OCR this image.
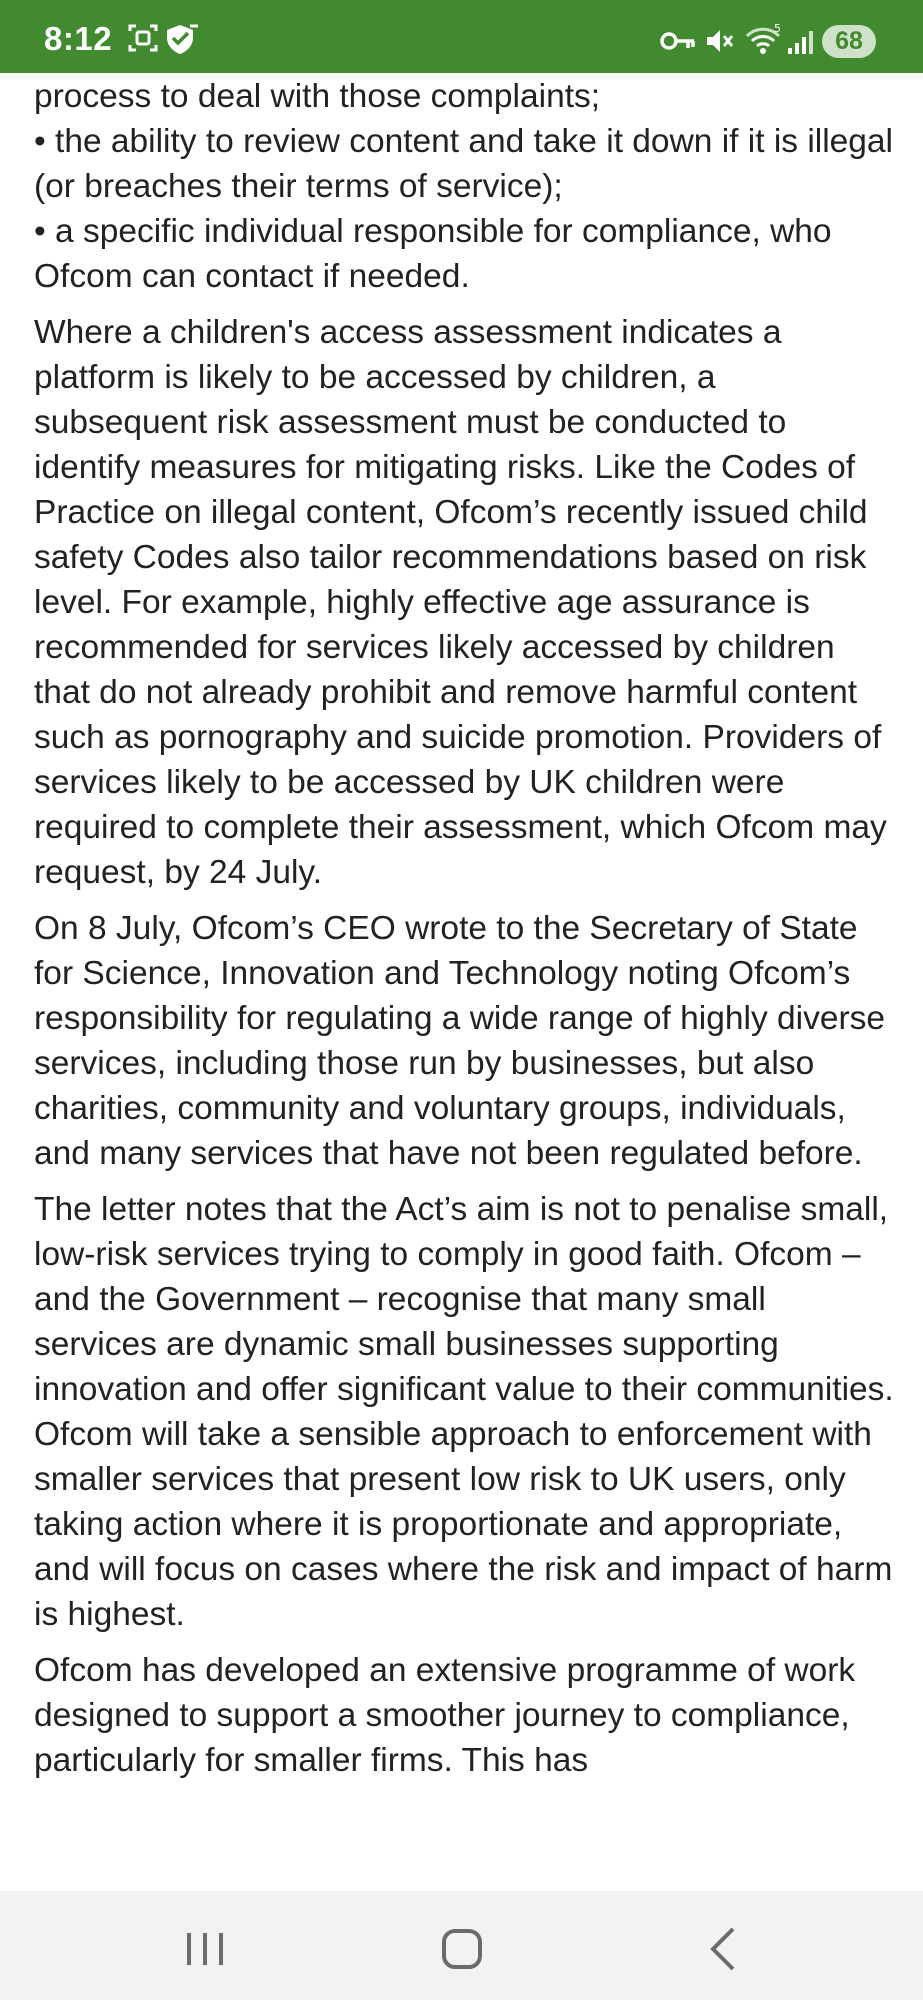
8:12	5	68

process to deal with those complaints;
• the ability to review content and take it down if it is illegal (or breaches their terms of service);
• a specific individual responsible for compliance, who Ofcom can contact if needed.

Where a children's access assessment indicates a platform is likely to be accessed by children, a subsequent risk assessment must be conducted to identify measures for mitigating risks. Like the Codes of Practice on illegal content, Ofcom’s recently issued child safety Codes also tailor recommendations based on risk level. For example, highly effective age assurance is recommended for services likely accessed by children that do not already prohibit and remove harmful content such as pornography and suicide promotion. Providers of services likely to be accessed by UK children were required to complete their assessment, which Ofcom may request, by 24 July.

On 8 July, Ofcom’s CEO wrote to the Secretary of State for Science, Innovation and Technology noting Ofcom’s responsibility for regulating a wide range of highly diverse services, including those run by businesses, but also charities, community and voluntary groups, individuals, and many services that have not been regulated before.

The letter notes that the Act’s aim is not to penalise small, low-risk services trying to comply in good faith. Ofcom – and the Government – recognise that many small services are dynamic small businesses supporting innovation and offer significant value to their communities. Ofcom will take a sensible approach to enforcement with smaller services that present low risk to UK users, only taking action where it is proportionate and appropriate, and will focus on cases where the risk and impact of harm is highest.

Ofcom has developed an extensive programme of work designed to support a smoother journey to compliance, particularly for smaller firms. This has
